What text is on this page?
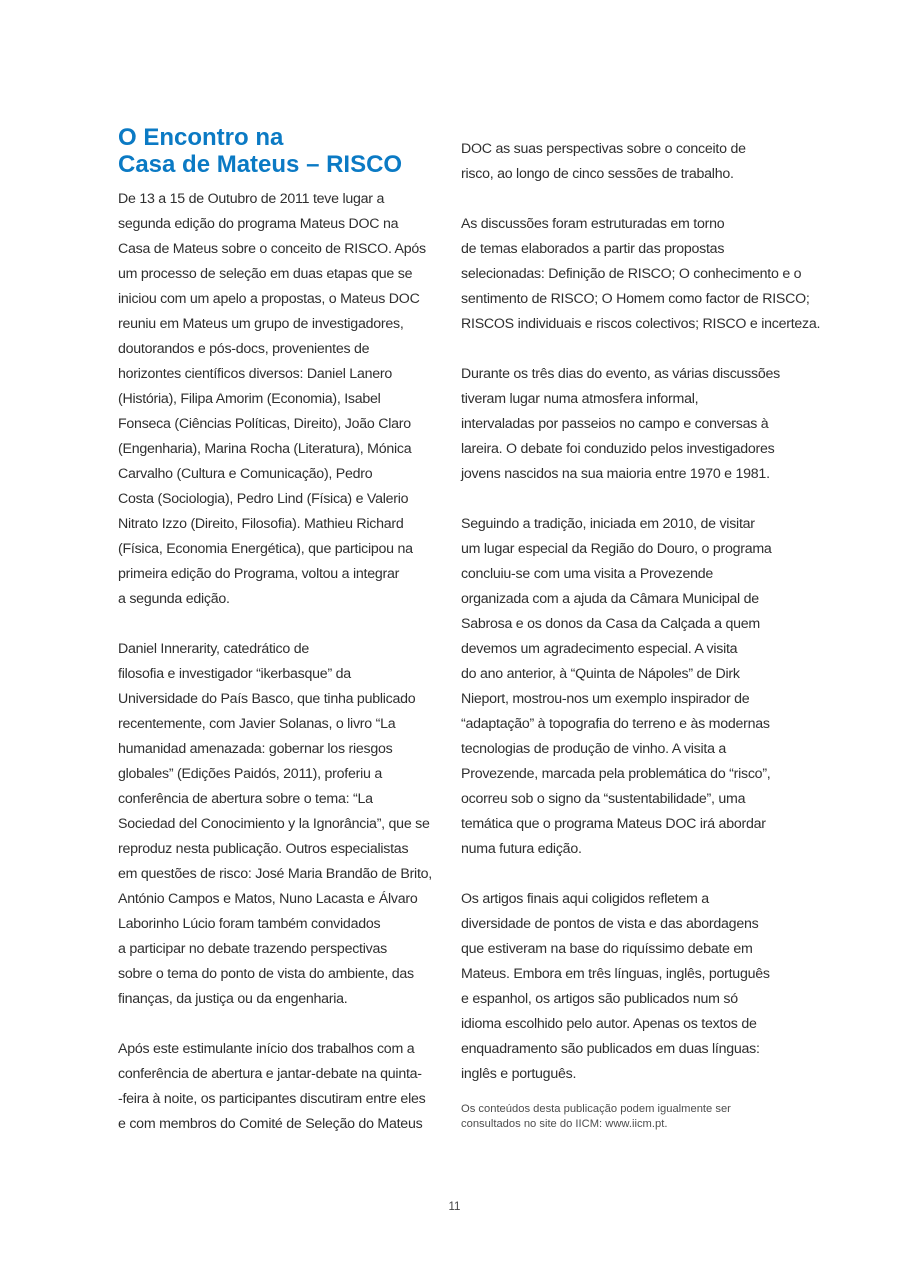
O Encontro na
Casa de Mateus – RISCO
De 13 a 15 de Outubro de 2011 teve lugar a
segunda edição do programa Mateus DOC na
Casa de Mateus sobre o conceito de RISCO. Após
um processo de seleção em duas etapas que se
iniciou com um apelo a propostas, o Mateus DOC
reuniu em Mateus um grupo de investigadores,
doutorandos e pós-docs, provenientes de
horizontes científicos diversos: Daniel Lanero
(História), Filipa Amorim (Economia), Isabel
Fonseca (Ciências Políticas, Direito), João Claro
(Engenharia), Marina Rocha (Literatura), Mónica
Carvalho (Cultura e Comunicação), Pedro
Costa (Sociologia), Pedro Lind (Física) e Valerio
Nitrato Izzo (Direito, Filosofia). Mathieu Richard
(Física, Economia Energética), que participou na
primeira edição do Programa, voltou a integrar
a segunda edição.
Daniel Innerarity, catedrático de
filosofia e investigador “ikerbasque” da
Universidade do País Basco, que tinha publicado
recentemente, com Javier Solanas, o livro “La
humanidad amenazada: gobernar los riesgos
globales” (Edições Paidós, 2011), proferiu a
conferência de abertura sobre o tema: “La
Sociedad del Conocimiento y la Ignorância”, que se
reproduz nesta publicação. Outros especialistas
em questões de risco: José Maria Brandão de Brito,
António Campos e Matos, Nuno Lacasta e Álvaro
Laborinho Lúcio foram também convidados
a participar no debate trazendo perspectivas
sobre o tema do ponto de vista do ambiente, das
finanças, da justiça ou da engenharia.
Após este estimulante início dos trabalhos com a
conferência de abertura e jantar-debate na quinta-
-feira à noite, os participantes discutiram entre eles
e com membros do Comité de Seleção do Mateus
DOC as suas perspectivas sobre o conceito de
risco, ao longo de cinco sessões de trabalho.
As discussões foram estruturadas em torno
de temas elaborados a partir das propostas
selecionadas: Definição de RISCO; O conhecimento e o
sentimento de RISCO; O Homem como factor de RISCO;
RISCOS individuais e riscos colectivos; RISCO e incerteza.
Durante os três dias do evento, as várias discussões
tiveram lugar numa atmosfera informal,
intervaladas por passeios no campo e conversas à
lareira. O debate foi conduzido pelos investigadores
jovens nascidos na sua maioria entre 1970 e 1981.
Seguindo a tradição, iniciada em 2010, de visitar
um lugar especial da Região do Douro, o programa
concluiu-se com uma visita a Provezende
organizada com a ajuda da Câmara Municipal de
Sabrosa e os donos da Casa da Calçada a quem
devemos um agradecimento especial. A visita
do ano anterior, à “Quinta de Nápoles” de Dirk
Nieport, mostrou-nos um exemplo inspirador de
“adaptação” à topografia do terreno e às modernas
tecnologias de produção de vinho. A visita a
Provezende, marcada pela problemática do “risco”,
ocorreu sob o signo da “sustentabilidade”, uma
temática que o programa Mateus DOC irá abordar
numa futura edição.
Os artigos finais aqui coligidos refletem a
diversidade de pontos de vista e das abordagens
que estiveram na base do riquíssimo debate em
Mateus. Embora em três línguas, inglês, português
e espanhol, os artigos são publicados num só
idioma escolhido pelo autor. Apenas os textos de
enquadramento são publicados em duas línguas:
inglês e português.
Os conteúdos desta publicação podem igualmente ser
consultados no site do IICM: www.iicm.pt.
11
